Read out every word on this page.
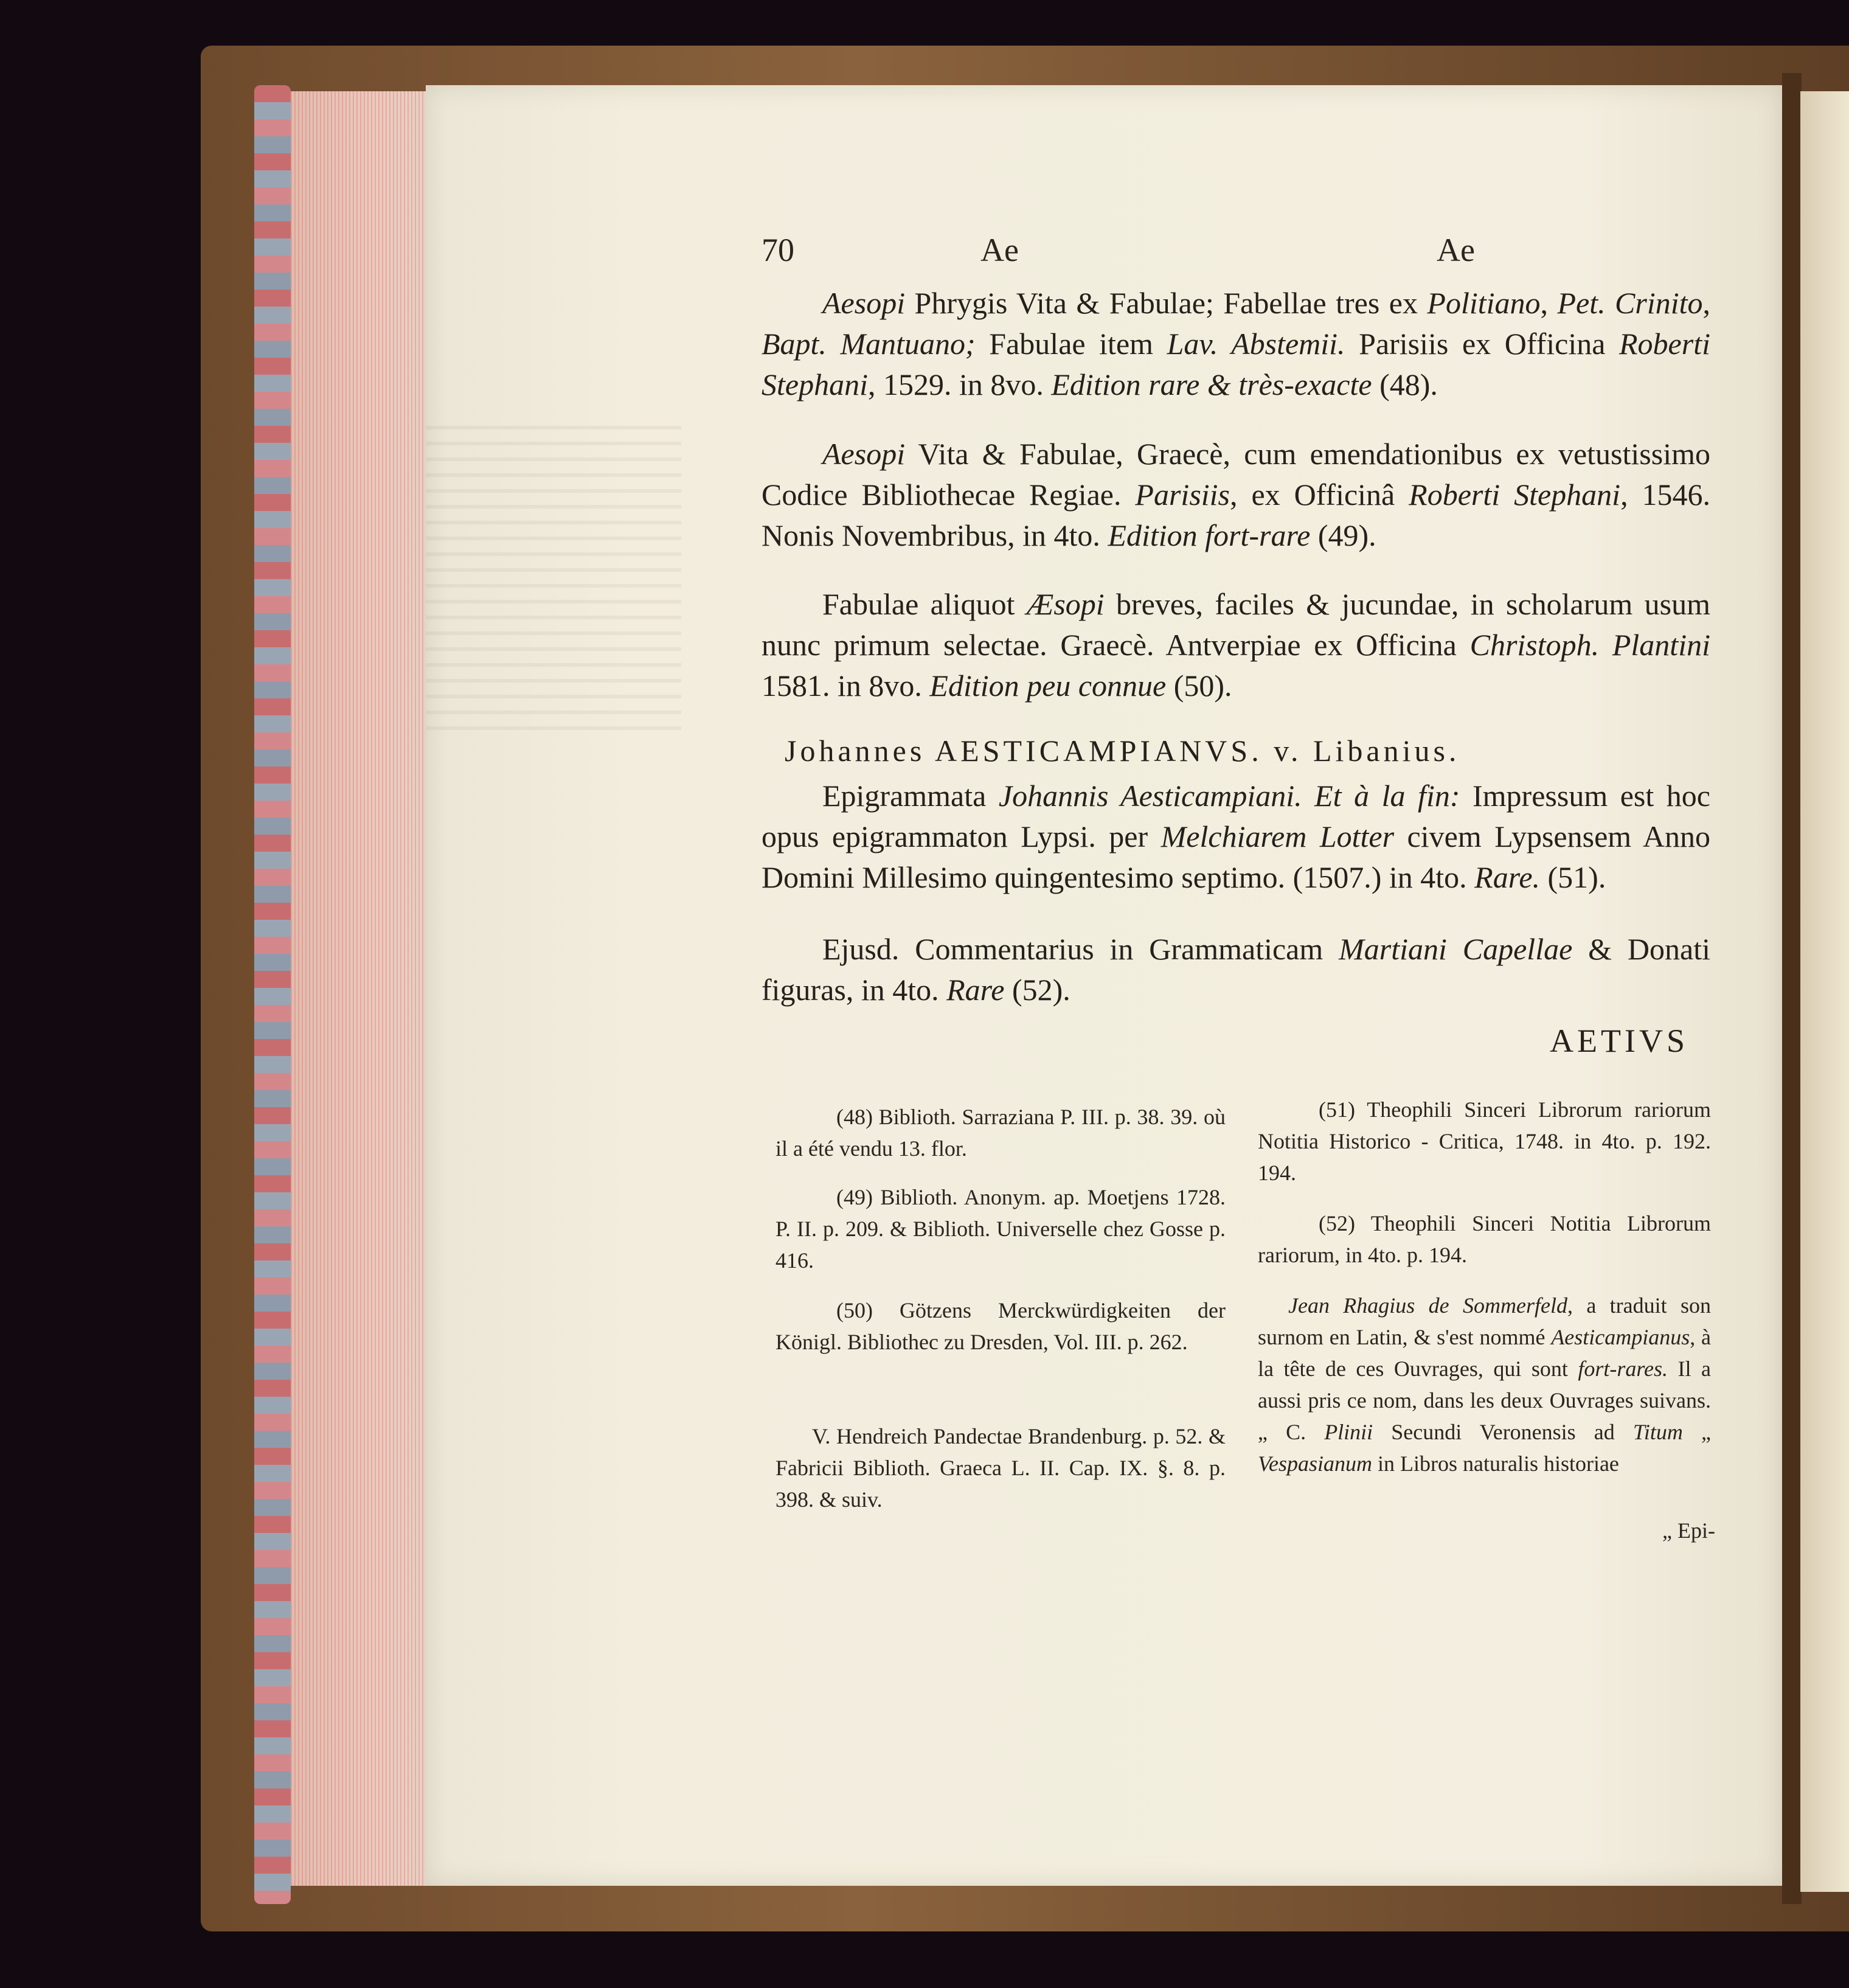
70	Ae	Ae
Aesopi Phrygis Vita & Fabulae; Fabellae tres ex Politiano, Pet. Crinito, Bapt. Mantuano; Fabulae item Lav. Abstemii. Parisiis ex Officina Roberti Stephani, 1529. in 8vo. Edition rare & très-exacte (48).
Aesopi Vita & Fabulae, Graecè, cum emendationibus ex vetustissimo Codice Bibliothecae Regiae. Parisiis, ex Officinâ Roberti Stephani, 1546. Nonis Novembribus, in 4to. Edition fort-rare (49).
Fabulae aliquot Æsopi breves, faciles & jucundae, in scholarum usum nunc primum selectae. Graecè. Antverpiae ex Officina Christoph. Plantini 1581. in 8vo. Edition peu connue (50).
Johannes AESTICAMPIANVS. v. Libanius.
Epigrammata Johannis Aesticampiani. Et à la fin: Impressum est hoc opus epigrammaton Lypsi. per Melchiarem Lotter civem Lypsensem Anno Domini Millesimo quingentesimo septimo. (1507.) in 4to. Rare. (51).
Ejusd. Commentarius in Grammaticam Martiani Capellae & Donati figuras, in 4to. Rare (52).
AETIVS
(48) Biblioth. Sarraziana P. III. p. 38. 39. où il a été vendu 13. flor.
(49) Biblioth. Anonym. ap. Moetjens 1728. P. II. p. 209. & Biblioth. Universelle chez Gosse p. 416.
(50) Götzens Merckwürdigkeiten der Königl. Bibliothec zu Dresden, Vol. III. p. 262.
V. Hendreich Pandectae Brandenburg. p. 52. & Fabricii Biblioth. Graeca L. II. Cap. IX. §. 8. p. 398. & suiv.
(51) Theophili Sinceri Librorum rariorum Notitia Historico - Critica, 1748. in 4to. p. 192. 194.
(52) Theophili Sinceri Notitia Librorum rariorum, in 4to. p. 194.
Jean Rhagius de Sommerfeld, a traduit son surnom en Latin, & s'est nommé Aesticampianus, à la tête de ces Ouvrages, qui sont fort-rares. Il a aussi pris ce nom, dans les deux Ouvrages suivans. „ C. Plinii Secundi Veronensis ad Titum „ Vespasianum in Libros naturalis historiae
„ Epi-
